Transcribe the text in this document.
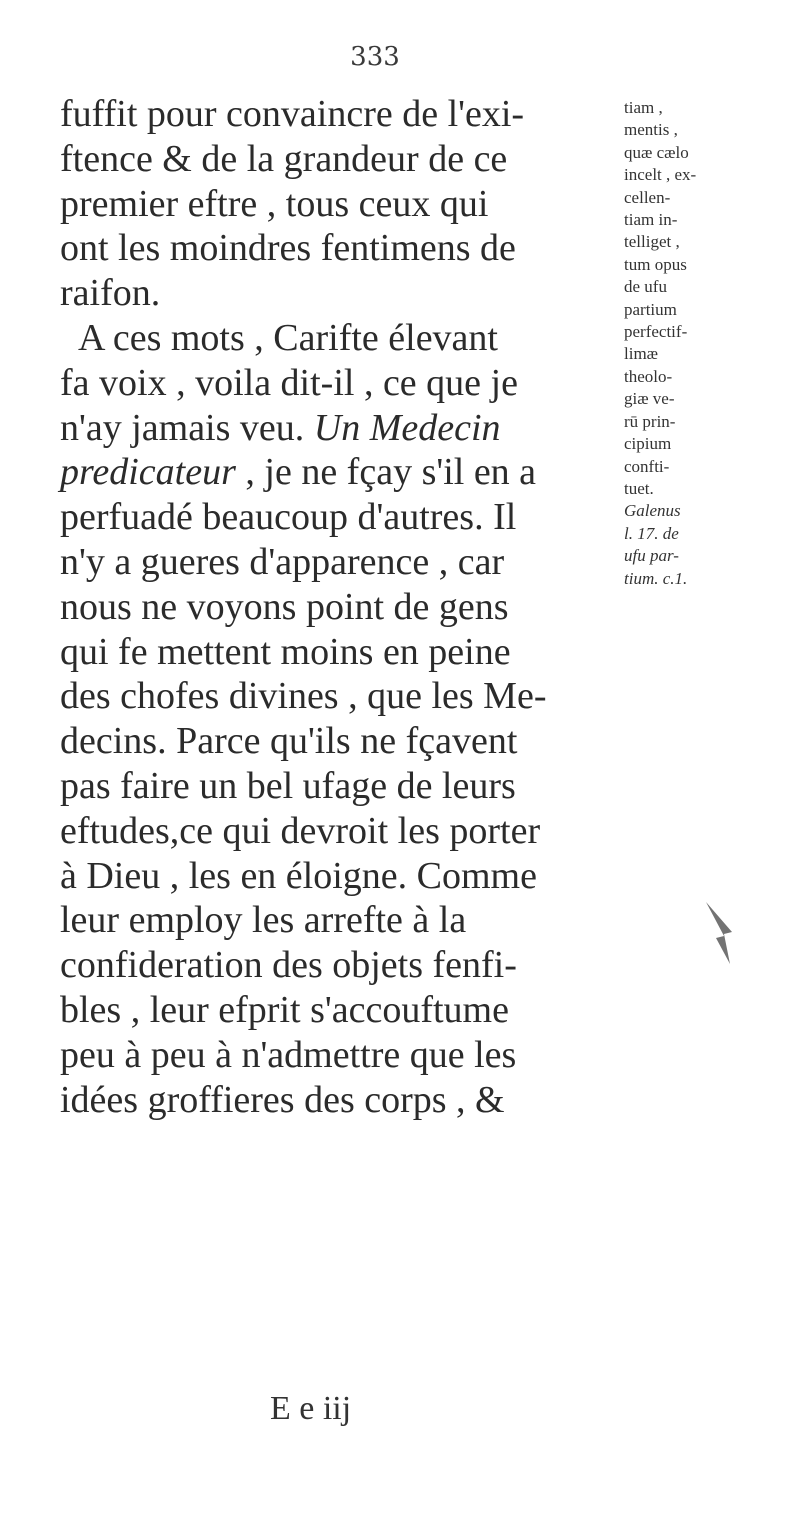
333
fuffit pour convaincre de l'exi-
ftence & de la grandeur de ce
premier eftre , tous ceux qui
ont les moindres fentimens de
raifon.
A ces mots , Carifte élevant
fa voix , voila dit-il , ce que je
n'ay jamais veu. Un Medecin
predicateur , je ne fçay s'il en a
perfuadé beaucoup d'autres. Il
n'y a gueres d'apparence , car
nous ne voyons point de gens
qui fe mettent moins en peine
des chofes divines , que les Me-
decins. Parce qu'ils ne fçavent
pas faire un bel ufage de leurs
eftudes,ce qui devroit les porter
à Dieu , les en éloigne. Comme
leur employ les arrefte à la
confideration des objets fenfi-
bles , leur efprit s'accouftume
peu à peu à n'admettre que les
idées groffieres des corps , &
tiam ,
mentis ,
quæ cælo
incelt , ex-
cellen-
tiam in-
telliget ,
tum opus
de ufu
partium
perfectif-
limæ
theolo-
giæ ve-
rū prin-
cipium
confti-
tuet.
Galenus
l. 17. de
ufu par-
tium. c.1.
E e iij
